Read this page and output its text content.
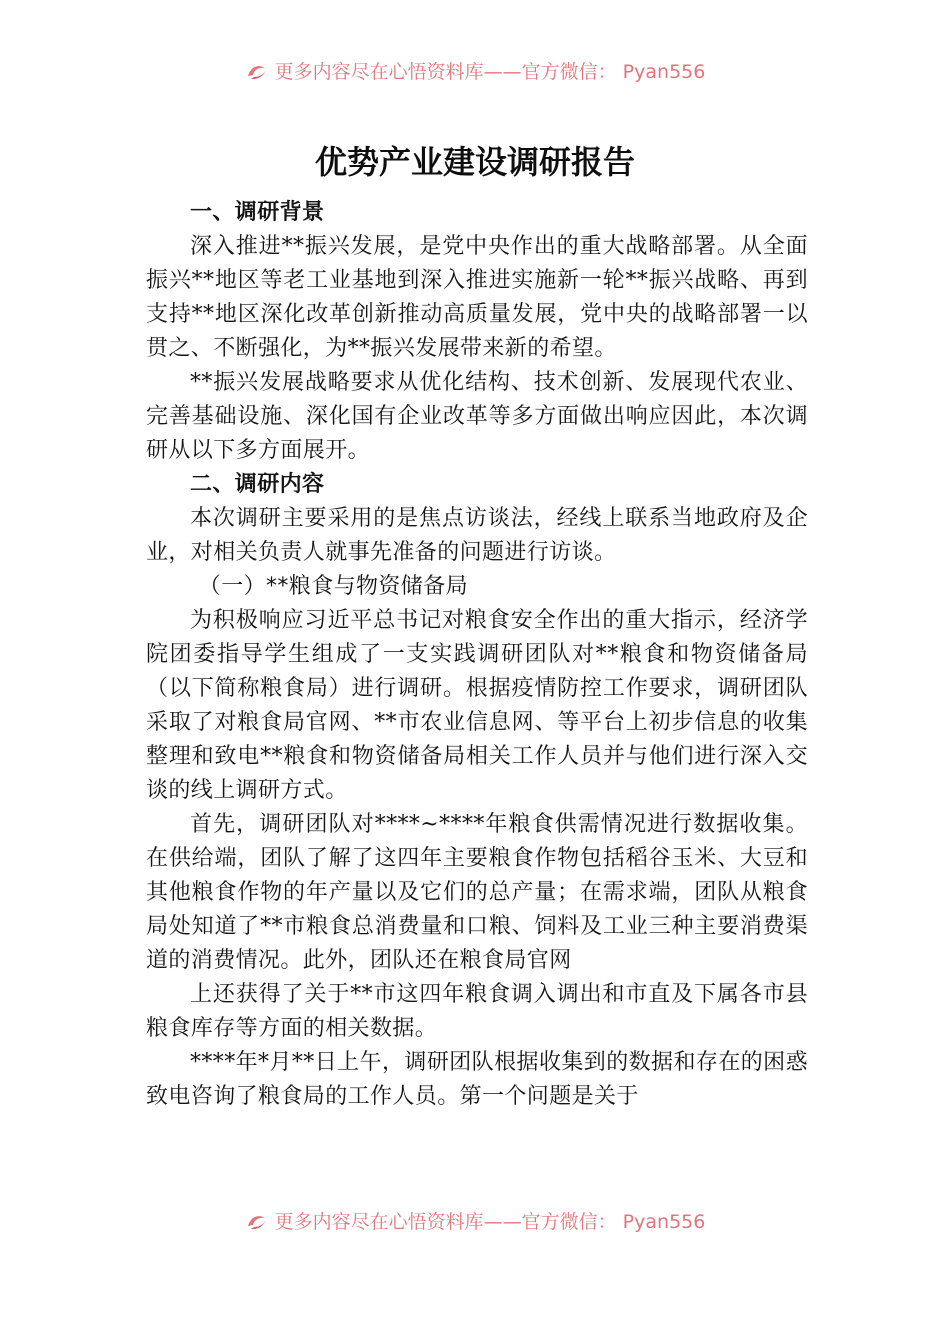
更多内容尽在心悟资料库——官方微信： Pyan556
优势产业建设调研报告

一、调研背景

深入推进**振兴发展，是党中央作出的重大战略部署。从全面振兴**地区等老工业基地到深入推进实施新一轮**振兴战略、再到支持**地区深化改革创新推动高质量发展，党中央的战略部署一以贯之、不断强化，为**振兴发展带来新的希望。

**振兴发展战略要求从优化结构、技术创新、发展现代农业、完善基础设施、深化国有企业改革等多方面做出响应因此，本次调研从以下多方面展开。

二、调研内容

本次调研主要采用的是焦点访谈法，经线上联系当地政府及企业，对相关负责人就事先准备的问题进行访谈。

（一）**粮食与物资储备局

为积极响应习近平总书记对粮食安全作出的重大指示，经济学院团委指导学生组成了一支实践调研团队对**粮食和物资储备局（以下简称粮食局）进行调研。根据疫情防控工作要求，调研团队采取了对粮食局官网、**市农业信息网、等平台上初步信息的收集整理和致电**粮食和物资储备局相关工作人员并与他们进行深入交谈的线上调研方式。

首先，调研团队对****~****年粮食供需情况进行数据收集。在供给端，团队了解了这四年主要粮食作物包括稻谷玉米、大豆和其他粮食作物的年产量以及它们的总产量；在需求端，团队从粮食局处知道了**市粮食总消费量和口粮、饲料及工业三种主要消费渠道的消费情况。此外，团队还在粮食局官网

上还获得了关于**市这四年粮食调入调出和市直及下属各市县粮食库存等方面的相关数据。

****年*月**日上午，调研团队根据收集到的数据和存在的困惑致电咨询了粮食局的工作人员。第一个问题是关于

更多内容尽在心悟资料库——官方微信： Pyan556
